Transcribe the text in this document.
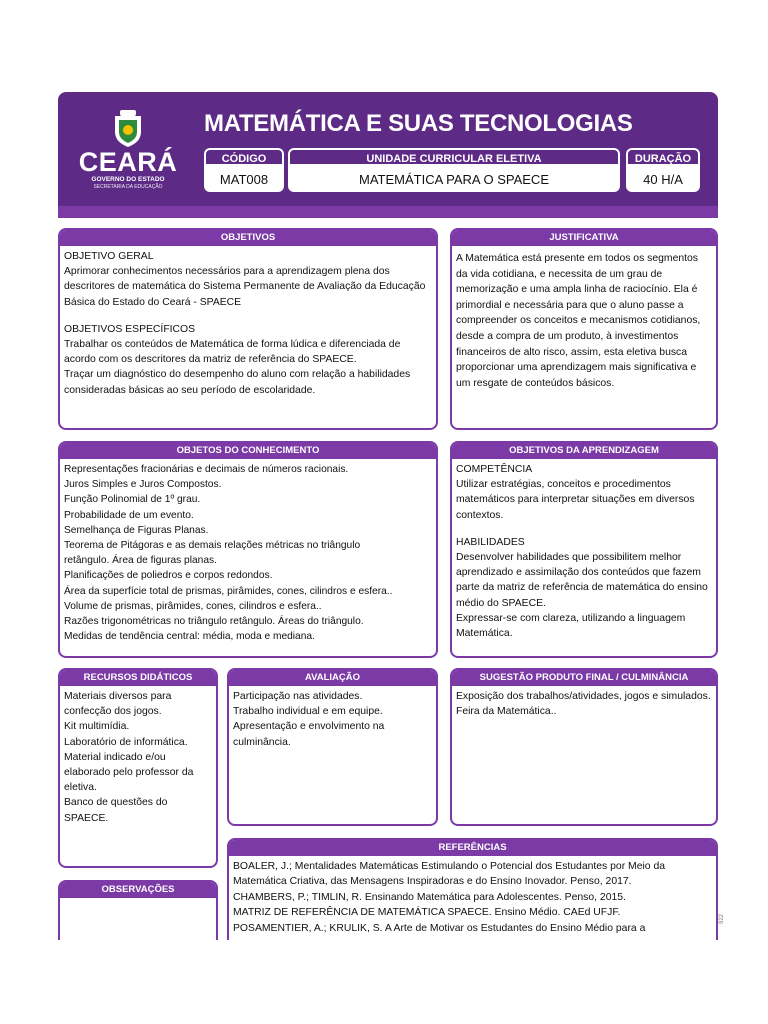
CEARÁ
GOVERNO DO ESTADO
SECRETARIA DA EDUCAÇÃO
MATEMÁTICA E SUAS TECNOLOGIAS
CÓDIGO
MAT008
UNIDADE CURRICULAR ELETIVA
MATEMÁTICA PARA O SPAECE
DURAÇÃO
40 H/A
OBJETIVOS

OBJETIVO GERAL

Aprimorar conhecimentos necessários para a aprendizagem plena dos descritores de matemática do Sistema Permanente de Avaliação da Educação Básica do Estado do Ceará - SPAECE

OBJETIVOS ESPECÍFICOS

Trabalhar os conteúdos de Matemática de forma lúdica e diferenciada de acordo com os descritores da matriz de referência do SPAECE.

Traçar um diagnóstico do desempenho do aluno com relação a habilidades consideradas básicas ao seu período de escolaridade.

JUSTIFICATIVA

A Matemática está presente em todos os segmentos da vida cotidiana, e necessita de um grau de memorização e uma ampla linha de raciocínio. Ela é primordial e necessária para que o aluno passe a compreender os conceitos e mecanismos cotidianos, desde a compra de um produto, à investimentos financeiros de alto risco, assim, esta eletiva busca proporcionar uma aprendizagem mais significativa e um resgate de conteúdos básicos.

OBJETOS DO CONHECIMENTO

Representações fracionárias e decimais de números racionais.

Juros Simples e Juros Compostos.

Função Polinomial de 1º grau.

Probabilidade de um evento.

Semelhança de Figuras Planas.

Teorema de Pitágoras e as demais relações métricas no triângulo

retângulo. Área de figuras planas.

Planificações de poliedros e corpos redondos.

Área da superfície total de prismas, pirâmides, cones, cilindros e esfera..

Volume de prismas, pirâmides, cones, cilindros e esfera..

Razões trigonométricas no triângulo retângulo. Áreas do triângulo.

Medidas de tendência central: média, moda e mediana.

OBJETIVOS DA APRENDIZAGEM

COMPETÊNCIA

Utilizar estratégias, conceitos e procedimentos matemáticos para interpretar situações em diversos contextos.

HABILIDADES

Desenvolver habilidades que possibilitem melhor aprendizado e assimilação dos conteúdos que fazem parte da matriz de referência de matemática do ensino médio do SPAECE.

Expressar-se com clareza, utilizando a linguagem Matemática.

RECURSOS DIDÁTICOS

Materiais diversos para confecção dos jogos.

Kit multimídia.

Laboratório de informática.

Material indicado e/ou elaborado pelo professor da eletiva.

Banco de questões do SPAECE.

AVALIAÇÃO

Participação nas atividades.

Trabalho individual e em equipe.

Apresentação e envolvimento na culminância.

SUGESTÃO PRODUTO FINAL / CULMINÂNCIA

Exposição dos trabalhos/atividades, jogos e simulados.

Feira da Matemática..

REFERÊNCIAS

BOALER, J.; Mentalidades Matemáticas Estimulando o Potencial dos Estudantes por Meio da Matemática Criativa, das Mensagens Inspiradoras e do Ensino Inovador. Penso, 2017.

CHAMBERS, P.; TIMLIN, R. Ensinando Matemática para Adolescentes. Penso, 2015.

MATRIZ DE REFERÊNCIA DE MATEMÁTICA SPAECE. Ensino Médio. CAEd UFJF.

POSAMENTIER, A.; KRULIK, S. A Arte de Motivar os Estudantes do Ensino Médio para a

OBSERVAÇÕES
922
